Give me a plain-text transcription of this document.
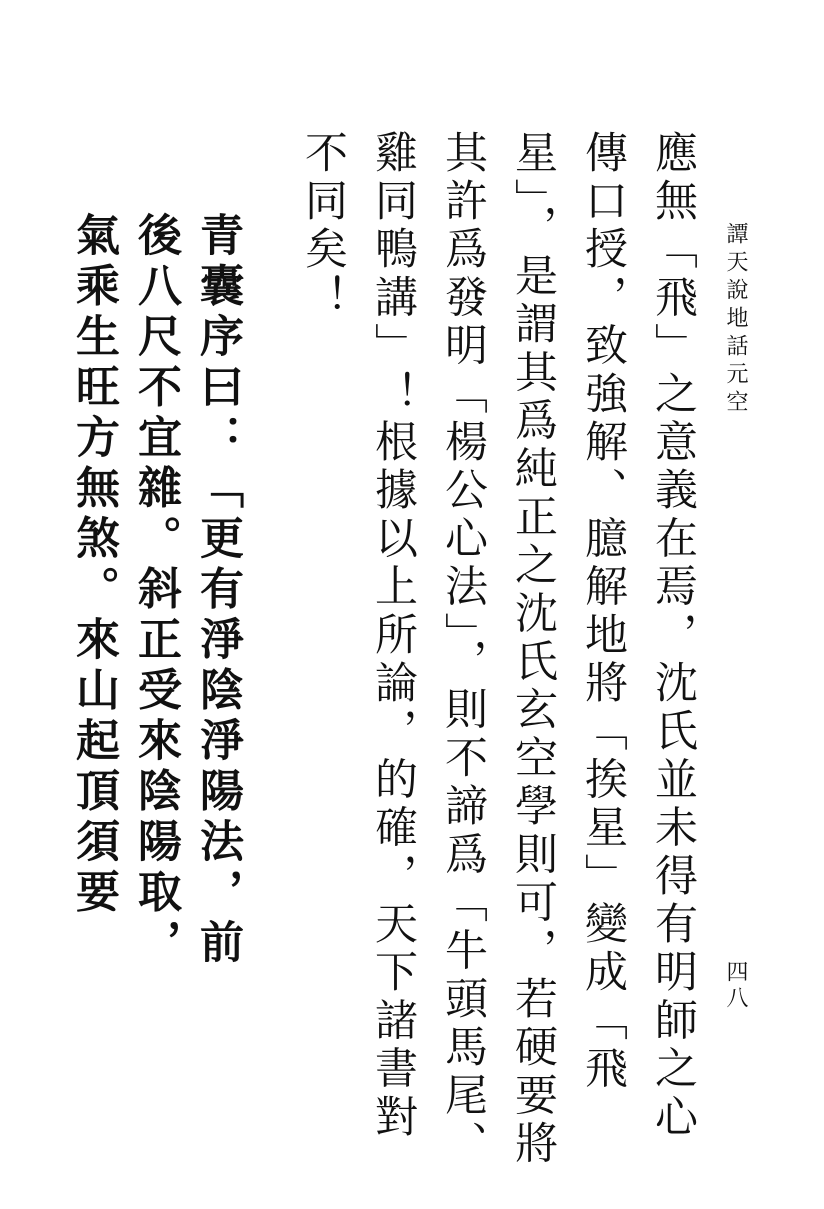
譚天說地話元空
四八

應無「飛」之意義在焉，沈氏並未得有明師之心傳口授，致強解、臆解地將「挨星」變成「飛星」，是謂其爲純正之沈氏玄空學則可，若硬要將其許爲發明「楊公心法」，則不諦爲「牛頭馬尾、雞同鴨講」！根據以上所論，的確，天下諸書對不同矣！

青囊序曰：「更有淨陰淨陽法，前後八尺不宜雜。斜正受來陰陽取，氣乘生旺方無煞。來山起頂須要
